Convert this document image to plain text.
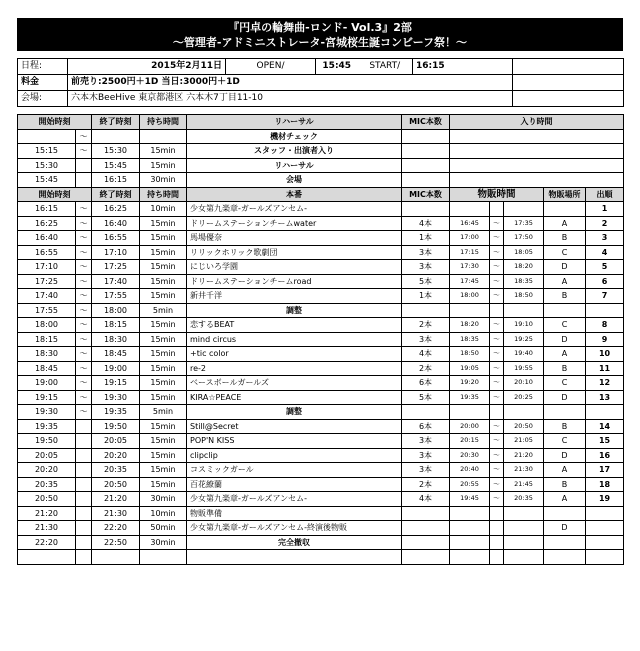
『円卓の輪舞曲-ロンド- Vol.3』2部
～管理者-アドミニストレータ-宮城桜生誕コンビーフ祭！～
日程:	2015年2月11日	OPEN/	15:45	START/	16:15	
料金	前売り:2500円＋1D 当日:3000円＋1D					
会場:	六本木BeeHive 東京都港区 六本木7丁目11-10					
開始時刻		終了時刻	持ち時間	リハーサル	MIC本数	入り時間				
	～			機材チェック						
15:15	～	15:30	15min	スタッフ・出演者入り						
15:30		15:45	15min	リハーサル						
15:45		16:15	30min	会場						
開始時刻		終了時刻	持ち時間	本番	MIC本数	物販時間			物販場所	出順
16:15	～	16:25	10min	少女第九楽章-ガールズアンセム-						1
16:25	～	16:40	15min	ドリームステーションチームwater	4本	16:45	～	17:35	A	2
16:40	～	16:55	15min	馬場優奈	1本	17:00	～	17:50	B	3
16:55	～	17:10	15min	リリックホリック歌劇団	3本	17:15	～	18:05	C	4
17:10	～	17:25	15min	にじいろ学園	3本	17:30	～	18:20	D	5
17:25	～	17:40	15min	ドリームステーションチームroad	5本	17:45	～	18:35	A	6
17:40	～	17:55	15min	新井千洋	1本	18:00	～	18:50	B	7
17:55	～	18:00	5min	調整						
18:00	～	18:15	15min	恋するBEAT	2本	18:20	～	19:10	C	8
18:15	～	18:30	15min	mind circus	3本	18:35	～	19:25	D	9
18:30	～	18:45	15min	+tic color	4本	18:50	～	19:40	A	10
18:45	～	19:00	15min	re-2	2本	19:05	～	19:55	B	11
19:00	～	19:15	15min	ベースボールガールズ	6本	19:20	～	20:10	C	12
19:15	～	19:30	15min	KIRA☆PEACE	5本	19:35	～	20:25	D	13
19:30	～	19:35	5min	調整						
19:35		19:50	15min	Still@Secret	6本	20:00	～	20:50	B	14
19:50		20:05	15min	POP'N KISS	3本	20:15	～	21:05	C	15
20:05		20:20	15min	clipclip	3本	20:30	～	21:20	D	16
20:20		20:35	15min	コスミックガール	3本	20:40	～	21:30	A	17
20:35		20:50	15min	百花繚蘭	2本	20:55	～	21:45	B	18
20:50		21:20	30min	少女第九楽章-ガールズアンセム-	4本	19:45	～	20:35	A	19
21:20		21:30	10min	物販準備						
21:30		22:20	50min	少女第九楽章-ガールズアンセム-終演後物販					D	
22:20		22:50	30min	完全撤収						
